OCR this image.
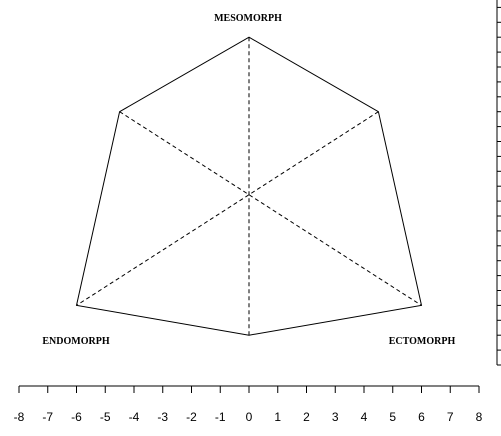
MESOMORPH
ENDOMORPH	ECTOMORPH
-8 -7 -6 -5 -4 -3 -2 -1 0 1 2 3 4 5 6 7 8
